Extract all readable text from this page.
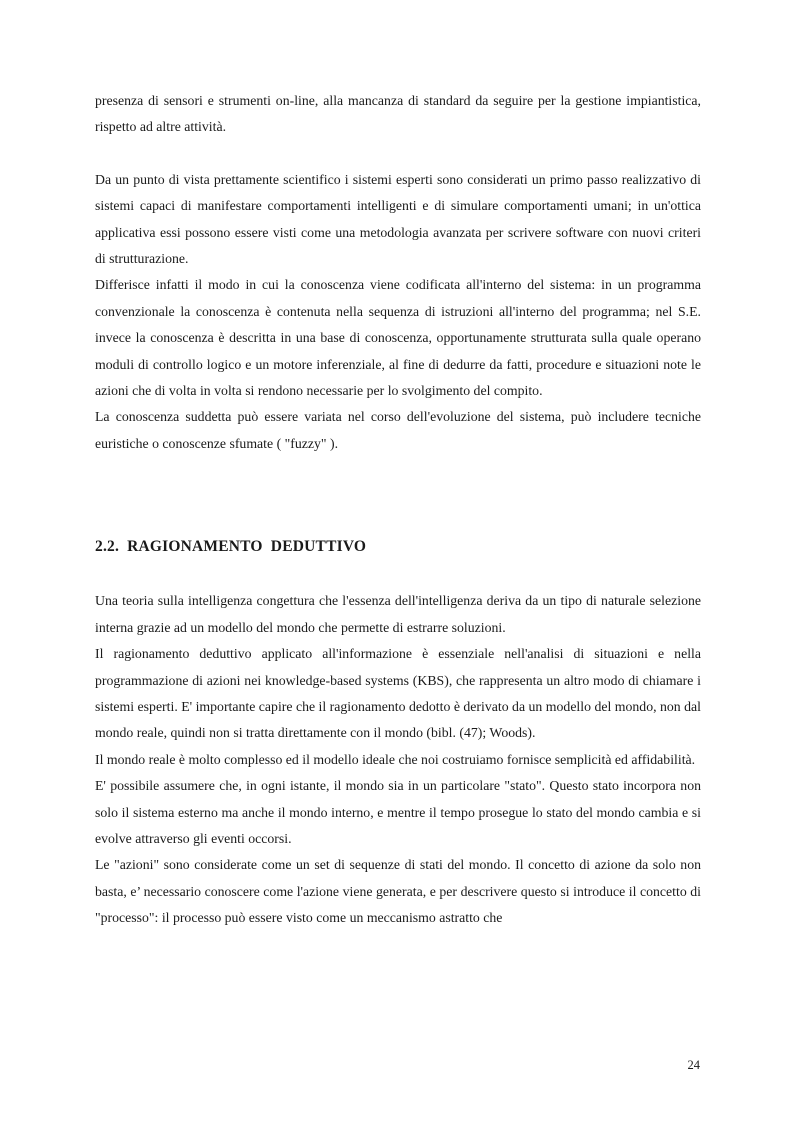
presenza di sensori e strumenti on-line, alla mancanza di standard da seguire per la gestione impiantistica, rispetto ad altre attività.

Da un punto di vista prettamente scientifico i sistemi esperti sono considerati un primo passo realizzativo di sistemi capaci di manifestare comportamenti intelligenti e di simulare comportamenti umani; in un'ottica applicativa essi possono essere visti come una metodologia avanzata per scrivere software con nuovi criteri di strutturazione.

Differisce infatti il modo in cui la conoscenza viene codificata all'interno del sistema: in un programma convenzionale la conoscenza è contenuta nella sequenza di istruzioni all'interno del programma; nel S.E. invece la conoscenza è descritta in una base di conoscenza, opportunamente strutturata sulla quale operano moduli di controllo logico e un motore inferenziale, al fine di dedurre da fatti, procedure e situazioni note le azioni che di volta in volta si rendono necessarie per lo svolgimento del compito.

La conoscenza suddetta può essere variata nel corso dell'evoluzione del sistema, può includere tecniche euristiche o conoscenze sfumate ( "fuzzy" ).

2.2. RAGIONAMENTO  DEDUTTIVO

Una teoria sulla intelligenza congettura che l'essenza dell'intelligenza deriva da un tipo di naturale selezione interna grazie ad un modello del mondo che permette di estrarre soluzioni.

Il ragionamento deduttivo applicato all'informazione è essenziale nell'analisi di situazioni e nella programmazione di azioni nei knowledge-based systems (KBS), che rappresenta un altro modo di chiamare i sistemi esperti. E' importante capire che il ragionamento dedotto è derivato da un modello del mondo, non dal mondo reale, quindi non si tratta direttamente con il mondo (bibl. (47); Woods).

Il mondo reale è molto complesso ed il modello ideale che noi costruiamo fornisce semplicità ed affidabilità.

E' possibile assumere che, in ogni istante, il mondo sia in un particolare "stato". Questo stato incorpora non solo il sistema esterno ma anche il mondo interno, e mentre il tempo prosegue lo stato del mondo cambia e si evolve attraverso gli eventi occorsi.

Le "azioni" sono considerate come un set di sequenze di stati del mondo. Il concetto di azione da solo non basta, e’ necessario conoscere come l'azione viene generata, e per descrivere questo si introduce il concetto di "processo": il processo può essere visto come un meccanismo astratto che

24
